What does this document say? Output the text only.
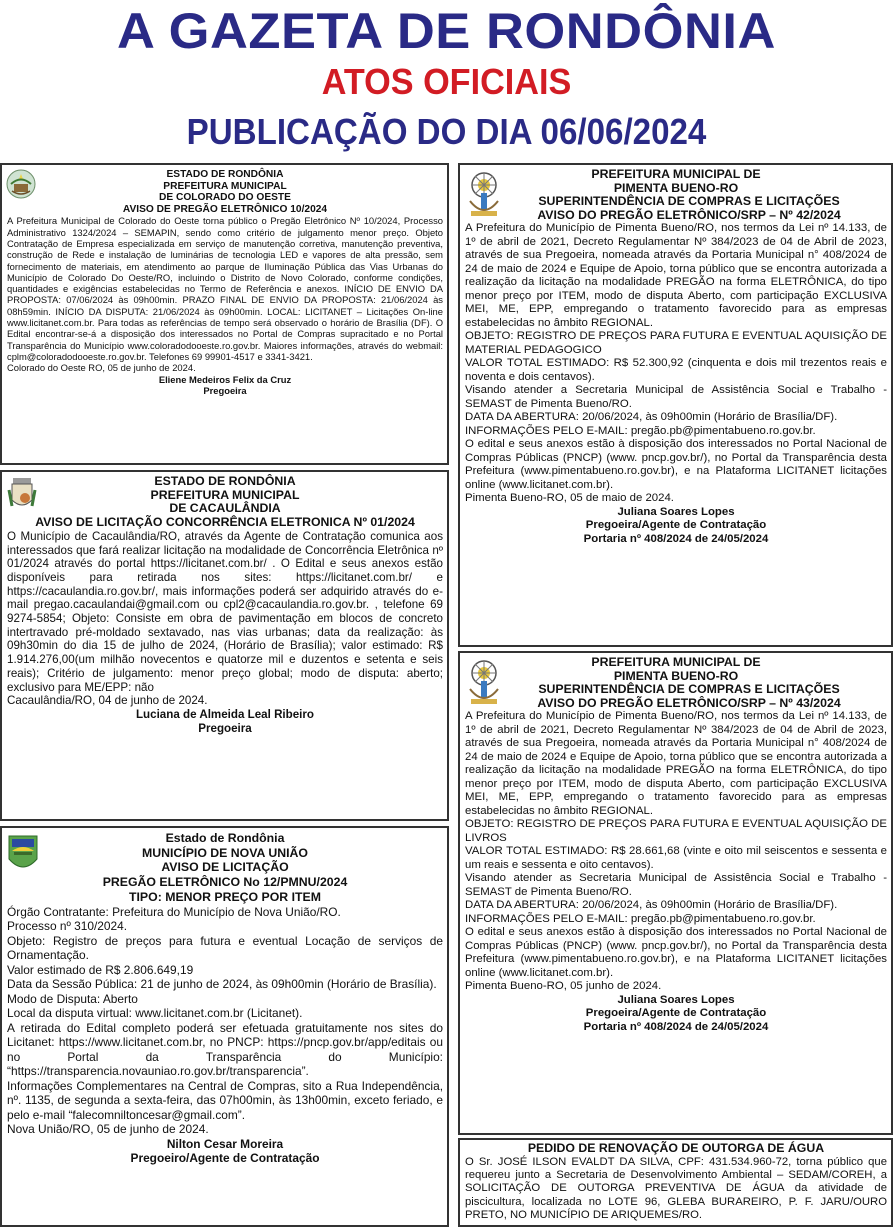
A GAZETA DE RONDÔNIA
ATOS OFICIAIS
PUBLICAÇÃO DO DIA 06/06/2024
ESTADO DE RONDÔNIA
PREFEITURA MUNICIPAL
DE COLORADO DO OESTE
AVISO DE PREGÃO ELETRÔNICO 10/2024

A Prefeitura Municipal de Colorado do Oeste torna público o Pregão Eletrônico Nº 10/2024, Processo Administrativo 1324/2024 – SEMAPIN, sendo como critério de julgamento menor preço. Objeto Contratação de Empresa especializada em serviço de manutenção corretiva, manutenção preventiva, construção de Rede e instalação de luminárias de tecnologia LED e vapores de alta pressão, sem fornecimento de materiais, em atendimento ao parque de Iluminação Pública das Vias Urbanas do Município de Colorado Do Oeste/RO, incluindo o Distrito de Novo Colorado, conforme condições, quantidades e exigências estabelecidas no Termo de Referência e anexos. INÍCIO DE ENVIO DA PROPOSTA: 07/06/2024 às 09h00min. PRAZO FINAL DE ENVIO DA PROPOSTA: 21/06/2024 às 08h59min. INÍCIO DA DISPUTA: 21/06/2024 às 09h00min. LOCAL: LICITANET – Licitações On-line www.licitanet.com.br. Para todas as referências de tempo será observado o horário de Brasília (DF). O Edital encontrar-se-á a disposição dos interessados no Portal de Compras supracitado e no Portal Transparência do Município www.coloradodooeste.ro.gov.br. Maiores informações, através do webmail: cplm@coloradodooeste.ro.gov.br. Telefones 69 99901-4517 e 3341-3421.

Colorado do Oeste RO, 05 de junho de 2024.

Eliene Medeiros Felix da Cruz
Pregoeira
ESTADO DE RONDÔNIA
PREFEITURA MUNICIPAL
DE CACAULÂNDIA
AVISO DE LICITAÇÃO CONCORRÊNCIA ELETRONICA Nº 01/2024

O Município de Cacaulândia/RO, através da Agente de Contratação comunica aos interessados que fará realizar licitação na modalidade de Concorrência Eletrônica nº 01/2024 através do portal https://licitanet.com.br/ . O Edital e seus anexos estão disponíveis para retirada nos sites: https://licitanet.com.br/ e https://cacaulandia.ro.gov.br/, mais informações poderá ser adquirido através do e-mail pregao.cacaulandai@gmail.com ou cpl2@cacaulandia.ro.gov.br. , telefone 69 9274-5854; Objeto: Consiste em obra de pavimentação em blocos de concreto intertravado pré-moldado sextavado, nas vias urbanas; data da realização: às 09h30min do dia 15 de julho de 2024, (Horário de Brasília); valor estimado: R$ 1.914.276,00(um milhão novecentos e quatorze mil e duzentos e setenta e seis reais); Critério de julgamento: menor preço global; modo de disputa: aberto; exclusivo para ME/EPP: não

Cacaulândia/RO, 04 de junho de 2024.

Luciana de Almeida Leal Ribeiro
Pregoeira
Estado de Rondônia
MUNICÍPIO DE NOVA UNIÃO
AVISO DE LICITAÇÃO
PREGÃO ELETRÔNICO No 12/PMNU/2024
TIPO: MENOR PREÇO POR ITEM

Órgão Contratante: Prefeitura do Município de Nova União/RO.

Processo nº 310/2024.

Objeto: Registro de preços para futura e eventual Locação de serviços de Ornamentação.

Valor estimado de R$ 2.806.649,19

Data da Sessão Pública: 21 de junho de 2024, às 09h00min (Horário de Brasília).

Modo de Disputa: Aberto

Local da disputa virtual: www.licitanet.com.br (Licitanet).

A retirada do Edital completo poderá ser efetuada gratuitamente nos sites do Licitanet: https://www.licitanet.com.br, no PNCP: https://pncp.gov.br/app/editais ou no Portal da Transparência do Município: “https://transparencia.novauniao.ro.gov.br/transparencia”.

Informações Complementares na Central de Compras, sito a Rua Independência, nº. 1135, de segunda a sexta-feira, das 07h00min, às 13h00min, exceto feriado, e pelo e-mail “falecomniltoncesar@gmail.com”.

Nova União/RO, 05 de junho de 2024.

Nilton Cesar Moreira
Pregoeiro/Agente de Contratação
PREFEITURA MUNICIPAL DE
PIMENTA BUENO-RO
SUPERINTENDÊNCIA DE COMPRAS E LICITAÇÕES
AVISO DO PREGÃO ELETRÔNICO/SRP – Nº 42/2024

A Prefeitura do Município de Pimenta Bueno/RO, nos termos da Lei nº 14.133, de 1º de abril de 2021, Decreto Regulamentar Nº 384/2023 de 04 de Abril de 2023, através de sua Pregoeira, nomeada através da Portaria Municipal n° 408/2024 de 24 de maio de 2024 e Equipe de Apoio, torna público que se encontra autorizada a realização da licitação na modalidade PREGÃO na forma ELETRÔNICA, do tipo menor preço por ITEM, modo de disputa Aberto, com participação EXCLUSIVA MEI, ME, EPP, empregando o tratamento favorecido para as empresas estabelecidas no âmbito REGIONAL.

OBJETO: REGISTRO DE PREÇOS PARA FUTURA E EVENTUAL AQUISIÇÃO DE MATERIAL PEDAGOGICO

VALOR TOTAL ESTIMADO: R$ 52.300,92 (cinquenta e dois mil trezentos reais e noventa e dois centavos).

Visando atender a Secretaria Municipal de Assistência Social e Trabalho - SEMAST de Pimenta Bueno/RO.

DATA DA ABERTURA: 20/06/2024, às 09h00min (Horário de Brasília/DF).

INFORMAÇÕES PELO E-MAIL: pregão.pb@pimentabueno.ro.gov.br.

O edital e seus anexos estão à disposição dos interessados no Portal Nacional de Compras Públicas (PNCP) (www. pncp.gov.br/), no Portal da Transparência desta Prefeitura (www.pimentabueno.ro.gov.br), e na Plataforma LICITANET licitações online (www.licitanet.com.br).

Pimenta Bueno-RO, 05 de maio de 2024.

Juliana Soares Lopes
Pregoeira/Agente de Contratação
Portaria nº 408/2024 de 24/05/2024
PREFEITURA MUNICIPAL DE
PIMENTA BUENO-RO
SUPERINTENDÊNCIA DE COMPRAS E LICITAÇÕES
AVISO DO PREGÃO ELETRÔNICO/SRP – Nº 43/2024

A Prefeitura do Município de Pimenta Bueno/RO, nos termos da Lei nº 14.133, de 1º de abril de 2021, Decreto Regulamentar Nº 384/2023 de 04 de Abril de 2023, através de sua Pregoeira, nomeada através da Portaria Municipal n° 408/2024 de 24 de maio de 2024 e Equipe de Apoio, torna público que se encontra autorizada a realização da licitação na modalidade PREGÃO na forma ELETRÔNICA, do tipo menor preço por ITEM, modo de disputa Aberto, com participação EXCLUSIVA MEI, ME, EPP, empregando o tratamento favorecido para as empresas estabelecidas no âmbito REGIONAL.

OBJETO: REGISTRO DE PREÇOS PARA FUTURA E EVENTUAL AQUISIÇÃO DE LIVROS

VALOR TOTAL ESTIMADO: R$ 28.661,68 (vinte e oito mil seiscentos e sessenta e um reais e sessenta e oito centavos).

Visando atender as Secretaria Municipal de Assistência Social e Trabalho - SEMAST de Pimenta Bueno/RO.

DATA DA ABERTURA: 20/06/2024, às 09h00min (Horário de Brasília/DF).

INFORMAÇÕES PELO E-MAIL: pregão.pb@pimentabueno.ro.gov.br.

O edital e seus anexos estão à disposição dos interessados no Portal Nacional de Compras Públicas (PNCP) (www. pncp.gov.br/), no Portal da Transparência desta Prefeitura (www.pimentabueno.ro.gov.br), e na Plataforma LICITANET licitações online (www.licitanet.com.br).

Pimenta Bueno-RO, 05 junho de 2024.

Juliana Soares Lopes
Pregoeira/Agente de Contratação
Portaria nº 408/2024 de 24/05/2024
PEDIDO DE RENOVAÇÃO DE OUTORGA DE ÁGUA

O Sr. JOSÉ ILSON EVALDT DA SILVA, CPF: 431.534.960-72, torna público que requereu junto a Secretaria de Desenvolvimento Ambiental – SEDAM/COREH, a SOLICITAÇÃO DE OUTORGA PREVENTIVA DE ÁGUA da atividade de piscicultura, localizada no LOTE 96, GLEBA BURAREIRO, P. F. JARU/OURO PRETO, NO MUNICÍPIO DE ARIQUEMES/RO.
